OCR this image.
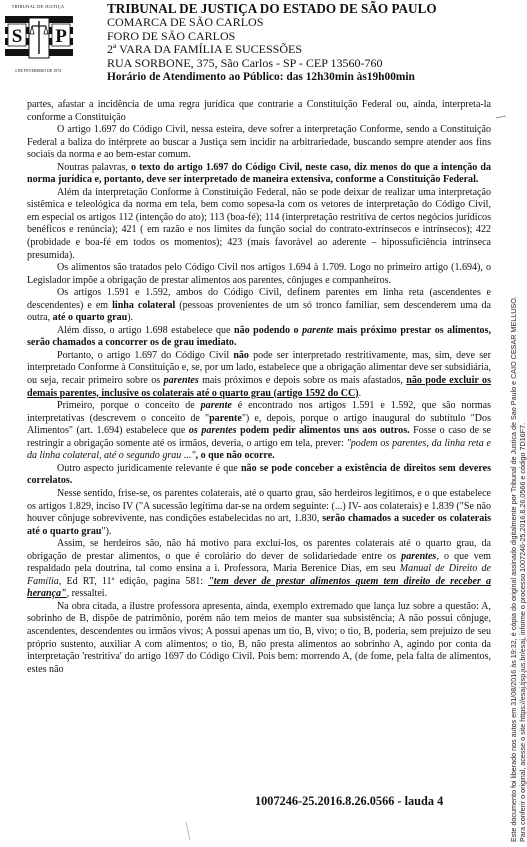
S P
TRIBUNAL DE JUSTIÇA
3 DE FEVEREIRO DE 1874
TRIBUNAL DE JUSTIÇA DO ESTADO DE SÃO PAULO
COMARCA DE SÃO CARLOS
FORO DE SÃO CARLOS
2ª VARA DA FAMÍLIA E SUCESSÕES
RUA SORBONE, 375, São Carlos - SP - CEP 13560-760
Horário de Atendimento ao Público: das 12h30min às19h00min

partes, afastar a incidência de uma regra jurídica que contrarie a Constituição Federal ou, ainda, interpreta-la conforme a Constituição

O artigo 1.697 do Código Civil, nessa esteira, deve sofrer a interpretação Conforme, sendo a Constituição Federal a baliza do intérprete ao buscar a Justiça sem incidir na arbitrariedade, buscando sempre atender aos fins sociais da norma e ao bem-estar comum.

Noutras palavras, o texto do artigo 1.697 do Código Civil, neste caso, diz menos do que a intenção da norma jurídica e, portanto, deve ser interpretado de maneira extensiva, conforme a Constituição Federal.

Além da interpretação Conforme à Constituição Federal, não se pode deixar de realizar uma interpretação sistêmica e teleológica da norma em tela, bem como sopesa-la com os vetores de interpretação do Código Civil, em especial os artigos 112 (intenção do ato); 113 (boa-fé); 114 (interpretação restritiva de certos negócios jurídicos benéficos e renúncia); 421 ( em razão e nos limites da função social do contrato-extrínsecos e intrínsecos); 422 (probidade e boa-fé em todos os momentos); 423 (mais favorável ao aderente – hipossuficiência intrínseca presumida).

Os alimentos são tratados pelo Código Civil nos artigos 1.694 à 1.709. Logo no primeiro artigo (1.694), o Legislador impõe a obrigação de prestar alimentos aos parentes, cônjuges e companheiros.

Os artigos 1.591 e 1.592, ambos do Código Civil, definem parentes em linha reta (ascendentes e descendentes) e em linha colateral (pessoas provenientes de um só tronco familiar, sem descenderem uma da outra, até o quarto grau).

Além disso, o artigo 1.698 estabelece que não podendo o parente mais próximo prestar os alimentos, serão chamados a concorrer os de grau imediato.

Portanto, o artigo 1.697 do Código Civil não pode ser interpretado restritivamente, mas, sim, deve ser interpretado Conforme à Constituição e, se, por um lado, estabelece que a obrigação alimentar deve ser subsidiária, ou seja, recair primeiro sobre os parentes mais próximos e depois sobre os mais afastados, não pode excluir os demais parentes, inclusive os colaterais até o quarto grau (artigo 1592 do CC).

Primeiro, porque o conceito de parente é encontrado nos artigos 1.591 e 1.592, que são normas interpretativas (descrevem o conceito de "parente") e, depois, porque o artigo inaugural do subtítulo "Dos Alimentos" (art. 1.694) estabelece que os parentes podem pedir alimentos uns aos outros. Fosse o caso de se restringir a obrigação somente até os irmãos, deveria, o artigo em tela, prever: "podem os parentes, da linha reta e da linha colateral, até o segundo grau ...", o que não ocorre.

Outro aspecto juridicamente relevante é que não se pode conceber a existência de direitos sem deveres correlatos.

Nesse sentido, frise-se, os parentes colaterais, até o quarto grau, são herdeiros legítimos, e o que estabelece os artigos 1.829, inciso IV ("A sucessão legítima dar-se na ordem seguinte: (...) IV- aos colaterais) e 1.839 ("Se não houver cônjuge sobrevivente, nas condições estabelecidas no art, 1.830, serão chamados a suceder os colaterais até o quarto grau").

Assim, se herdeiros são, não há motivo para excluí-los, os parentes colaterais até o quarto grau, da obrigação de prestar alimentos, o que é corolário do dever de solidariedade entre os parentes, o que vem respaldado pela doutrina, tal como ensina a i. Professora, Maria Berenice Dias, em seu Manual de Direito de Família, Ed RT, 11ª edição, pagina 581: "tem dever de prestar alimentos quem tem direito de receber a herança", ressaltei.

Na obra citada, a ilustre professora apresenta, ainda, exemplo extremado que lança luz sobre a questão: A, sobrinho de B, dispõe de patrimônio, porém não tem meios de manter sua subsistência; A não possui cônjuge, ascendentes, descendentes ou irmãos vivos; A possui apenas um tio, B, vivo; o tio, B, poderia, sem prejuízo de seu próprio sustento, auxiliar A com alimentos; o tio, B, não presta alimentos ao sobrinho A, agindo por conta da interpretação 'restritiva' do artigo 1697 do Código Civil. Pois bem: morrendo A, (de fome, pela falta de alimentos, estes não

1007246-25.2016.8.26.0566 - lauda 4	Este documento foi liberado nos autos em 31/08/2016 às 19:32, é cópia do original assinado digitalmente por Tribunal de Justica de Sao Paulo e CAIO CESAR MELLUSO. Para conferir o original, acesse o site https://esaj.tjsp.jus.br/esaj, informe o processo 1007246-25.2016.8.26.0566 e código 7D16F7.
